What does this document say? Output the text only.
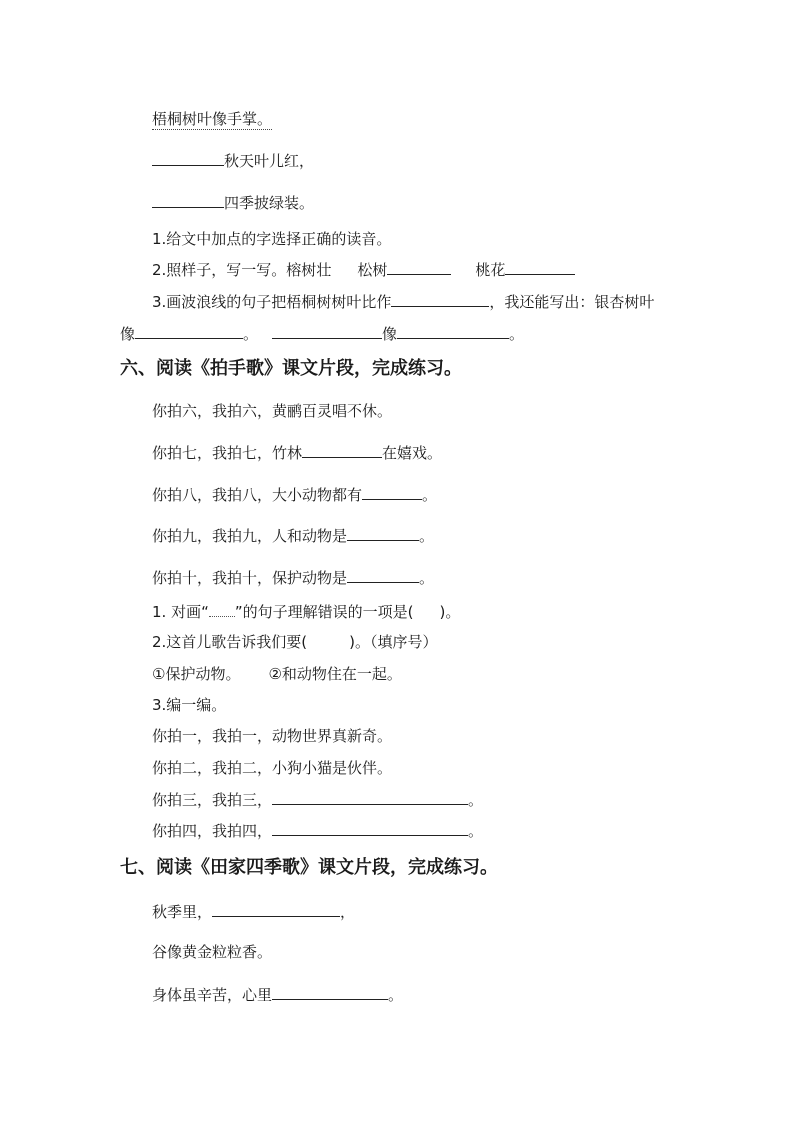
梧桐树叶像手掌。
秋天叶儿红，
四季披绿装。
1.给文中加点的字选择正确的读音。
2.照样子，写一写。榕树壮 松树	桃花
3.画波浪线的句子把梧桐树树叶比作	，我还能写出：银杏树叶
像	。	像	。
六、阅读《拍手歌》课文片段，完成练习。
你拍六，我拍六，黄鹂百灵唱不休。
你拍七，我拍七，竹林	在嬉戏。
你拍八，我拍八，大小动物都有	。
你拍九，我拍九，人和动物是	。
你拍十，我拍十，保护动物是	。
1. 对画“ ”的句子理解错误的一项是( )。
2.这首儿歌告诉我们要(	)。（填序号）
①保护动物。 ②和动物住在一起。
3.编一编。
你拍一，我拍一，动物世界真新奇。
你拍二，我拍二，小狗小猫是伙伴。
你拍三，我拍三，	。
你拍四，我拍四，	。
七、阅读《田家四季歌》课文片段，完成练习。
秋季里，	，
谷像黄金粒粒香。
身体虽辛苦，心里	。
